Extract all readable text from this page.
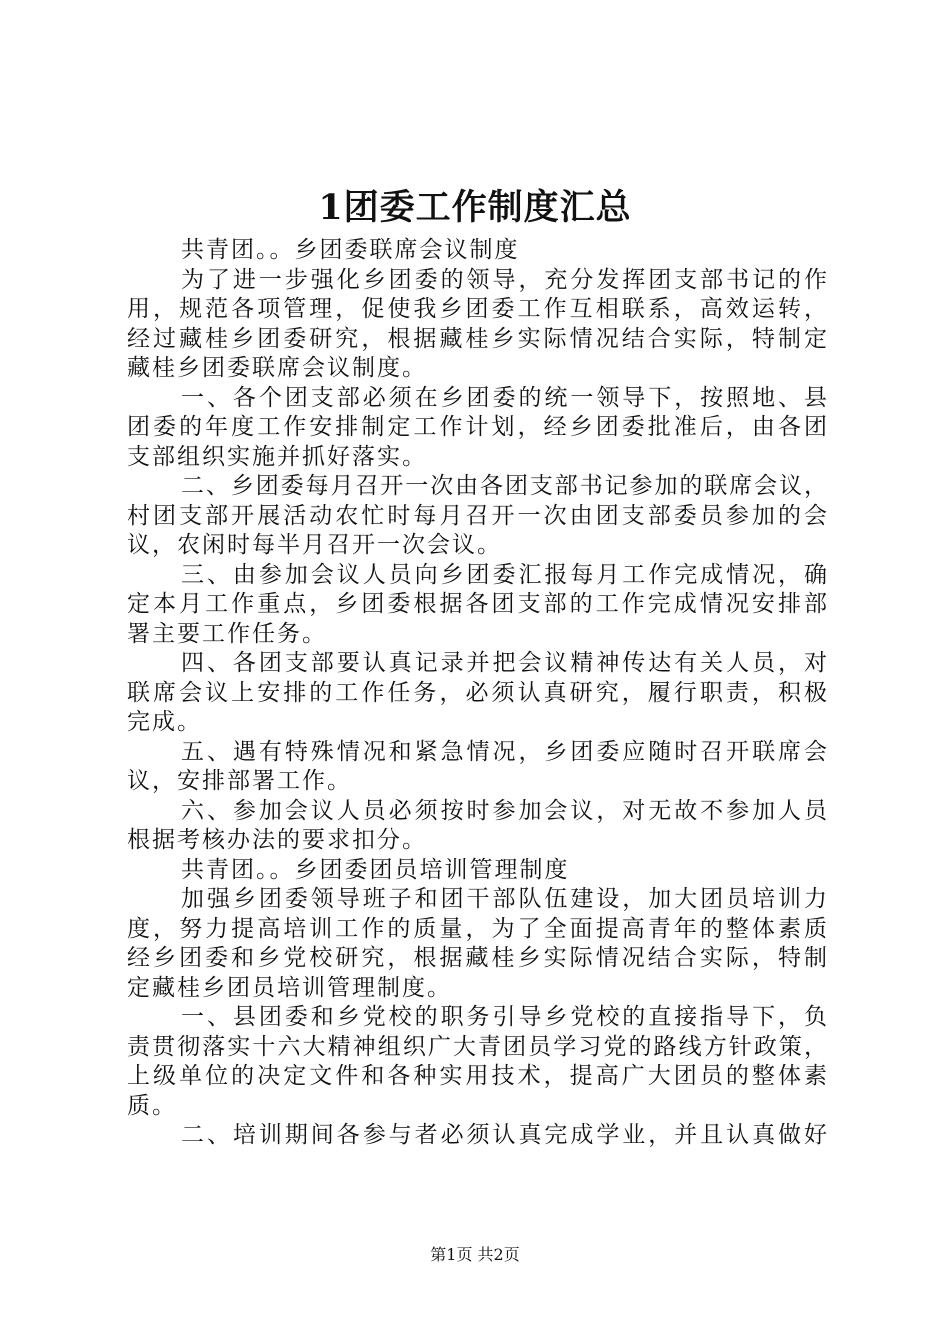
1团委工作制度汇总
共青团。。乡团委联席会议制度
为了进一步强化乡团委的领导，充分发挥团支部书记的作
用，规范各项管理，促使我乡团委工作互相联系，高效运转，
经过藏桂乡团委研究，根据藏桂乡实际情况结合实际，特制定
藏桂乡团委联席会议制度。
一、各个团支部必须在乡团委的统一领导下，按照地、县
团委的年度工作安排制定工作计划，经乡团委批准后，由各团
支部组织实施并抓好落实。
二、乡团委每月召开一次由各团支部书记参加的联席会议，
村团支部开展活动农忙时每月召开一次由团支部委员参加的会
议，农闲时每半月召开一次会议。
三、由参加会议人员向乡团委汇报每月工作完成情况，确
定本月工作重点，乡团委根据各团支部的工作完成情况安排部
署主要工作任务。
四、各团支部要认真记录并把会议精神传达有关人员，对
联席会议上安排的工作任务，必须认真研究，履行职责，积极
完成。
五、遇有特殊情况和紧急情况，乡团委应随时召开联席会
议，安排部署工作。
六、参加会议人员必须按时参加会议，对无故不参加人员
根据考核办法的要求扣分。
共青团。。乡团委团员培训管理制度
加强乡团委领导班子和团干部队伍建设，加大团员培训力
度，努力提高培训工作的质量，为了全面提高青年的整体素质
经乡团委和乡党校研究，根据藏桂乡实际情况结合实际，特制
定藏桂乡团员培训管理制度。
一、县团委和乡党校的职务引导乡党校的直接指导下，负
责贯彻落实十六大精神组织广大青团员学习党的路线方针政策，
上级单位的决定文件和各种实用技术，提高广大团员的整体素
质。
二、培训期间各参与者必须认真完成学业，并且认真做好
第1页 共2页
